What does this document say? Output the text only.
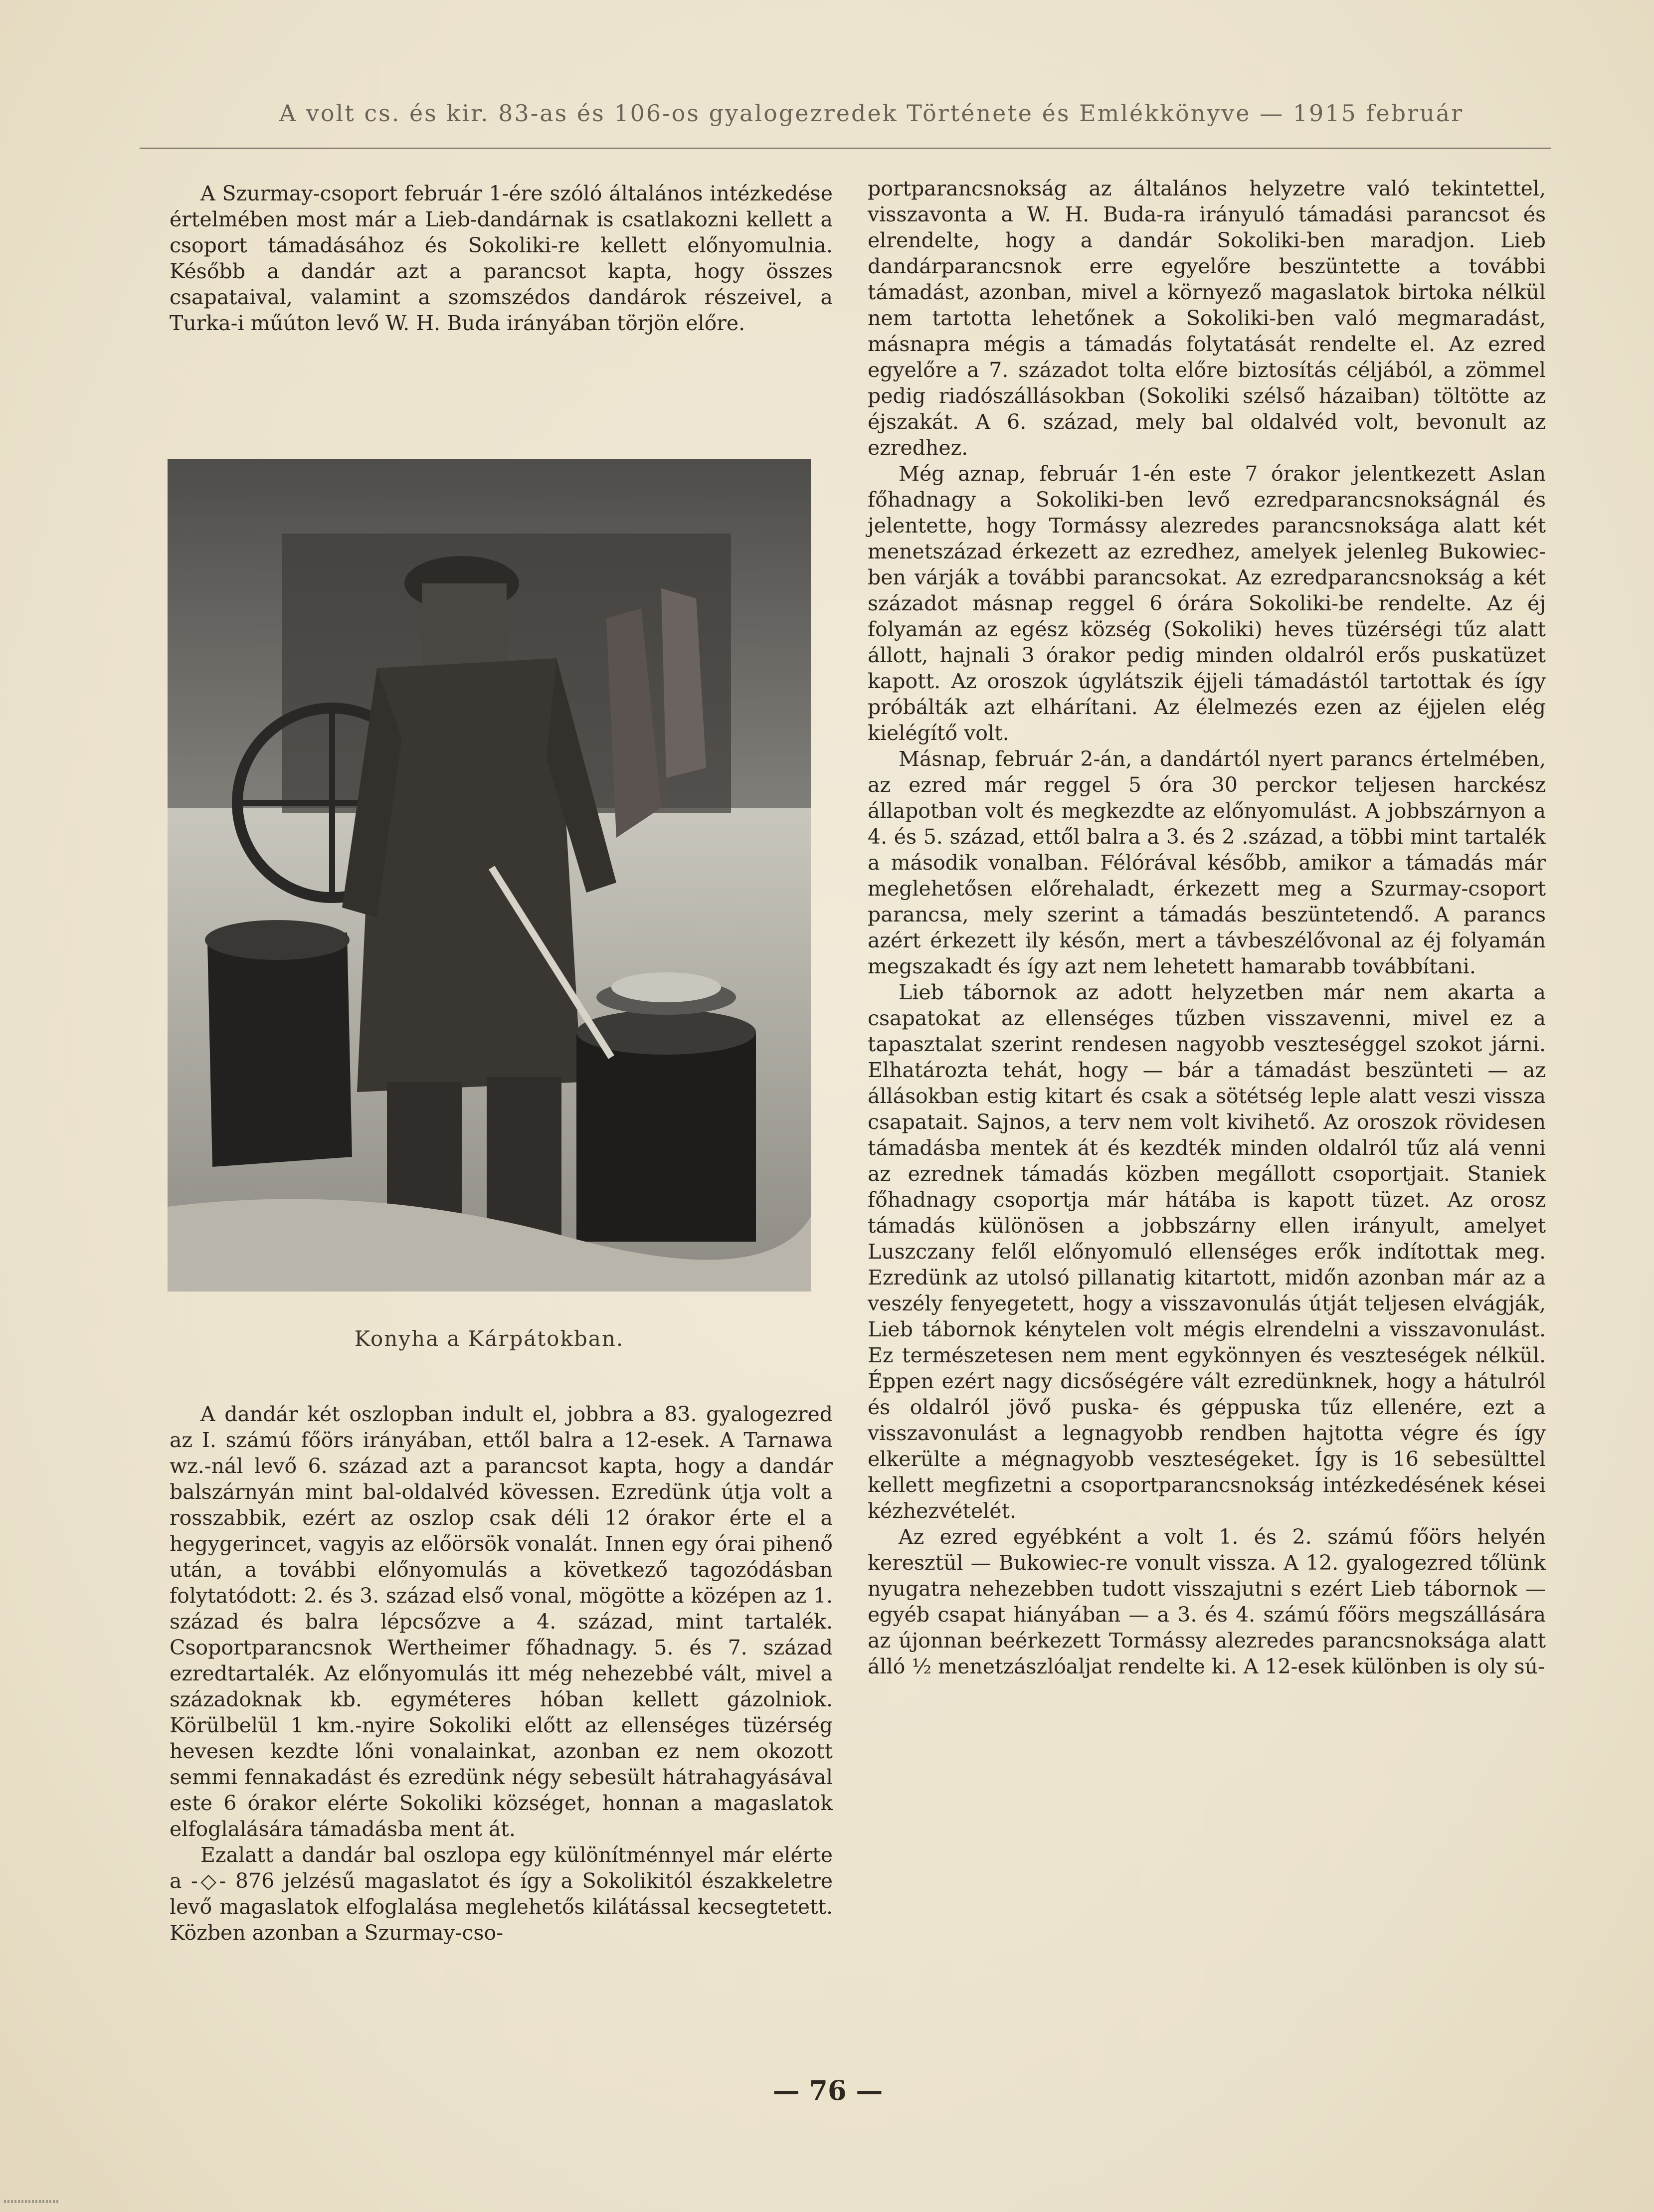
A volt cs. és kir. 83-as és 106-os gyalogezredek Története és Emlékkönyve — 1915 február

A Szurmay-csoport február 1-ére szóló általános intézkedése értelmében most már a Lieb-dandárnak is csatlakozni kellett a csoport támadásához és Sokoliki-re kellett előnyomulnia. Később a dandár azt a parancsot kapta, hogy összes csapataival, valamint a szomszédos dandárok részeivel, a Turka-i műúton levő W. H. Buda irányában törjön előre.

Konyha a Kárpátokban.

A dandár két oszlopban indult el, jobbra a 83. gyalogezred az I. számú főörs irányában, ettől balra a 12-esek. A Tarnawa wz.-nál levő 6. század azt a parancsot kapta, hogy a dandár balszárnyán mint bal-oldalvéd kövessen. Ezredünk útja volt a rosszabbik, ezért az oszlop csak déli 12 órakor érte el a hegygerincet, vagyis az előörsök vonalát. Innen egy órai pihenő után, a további előnyomulás a következő tagozódásban folytatódott: 2. és 3. század első vonal, mögötte a középen az 1. század és balra lépcsőzve a 4. század, mint tartalék. Csoportparancsnok Wertheimer főhadnagy. 5. és 7. század ezredtartalék. Az előnyomulás itt még nehezebbé vált, mivel a századoknak kb. egyméteres hóban kellett gázolniok. Körülbelül 1 km.-nyire Sokoliki előtt az ellenséges tüzérség hevesen kezdte lőni vonalainkat, azonban ez nem okozott semmi fennakadást és ezredünk négy sebesült hátrahagyásával este 6 órakor elérte Sokoliki községet, honnan a magaslatok elfoglalására támadásba ment át.

Ezalatt a dandár bal oszlopa egy különítménnyel már elérte a -◇- 876 jelzésű magaslatot és így a Sokolikitól északkeletre levő magaslatok elfoglalása meglehetős kilátással kecsegtetett. Közben azonban a Szurmay-cso-

portparancsnokság az általános helyzetre való tekintettel, visszavonta a W. H. Buda-ra irányuló támadási parancsot és elrendelte, hogy a dandár Sokoliki-ben maradjon. Lieb dandárparancsnok erre egyelőre beszüntette a további támadást, azonban, mivel a környező magaslatok birtoka nélkül nem tartotta lehetőnek a Sokoliki-ben való megmaradást, másnapra mégis a támadás folytatását rendelte el. Az ezred egyelőre a 7. századot tolta előre biztosítás céljából, a zömmel pedig riadószállásokban (Sokoliki szélső házaiban) töltötte az éjszakát. A 6. század, mely bal oldalvéd volt, bevonult az ezredhez.

Még aznap, február 1-én este 7 órakor jelentkezett Aslan főhadnagy a Sokoliki-ben levő ezredparancsnokságnál és jelentette, hogy Tormássy alezredes parancsnoksága alatt két menetszázad érkezett az ezredhez, amelyek jelenleg Bukowiec-ben várják a további parancsokat. Az ezredparancsnokság a két századot másnap reggel 6 órára Sokoliki-be rendelte. Az éj folyamán az egész község (Sokoliki) heves tüzérségi tűz alatt állott, hajnali 3 órakor pedig minden oldalról erős puskatüzet kapott. Az oroszok úgylátszik éjjeli támadástól tartottak és így próbálták azt elhárítani. Az élelmezés ezen az éjjelen elég kielégítő volt.

Másnap, február 2-án, a dandártól nyert parancs értelmében, az ezred már reggel 5 óra 30 perckor teljesen harckész állapotban volt és megkezdte az előnyomulást. A jobbszárnyon a 4. és 5. század, ettől balra a 3. és 2 .század, a többi mint tartalék a második vonalban. Félórával később, amikor a támadás már meglehetősen előrehaladt, érkezett meg a Szurmay-csoport parancsa, mely szerint a támadás beszüntetendő. A parancs azért érkezett ily későn, mert a távbeszélővonal az éj folyamán megszakadt és így azt nem lehetett hamarabb továbbítani.

Lieb tábornok az adott helyzetben már nem akarta a csapatokat az ellenséges tűzben visszavenni, mivel ez a tapasztalat szerint rendesen nagyobb veszteséggel szokot járni. Elhatározta tehát, hogy — bár a támadást beszünteti — az állásokban estig kitart és csak a sötétség leple alatt veszi vissza csapatait. Sajnos, a terv nem volt kivihető. Az oroszok rövidesen támadásba mentek át és kezdték minden oldalról tűz alá venni az ezrednek támadás közben megállott csoportjait. Staniek főhadnagy csoportja már hátába is kapott tüzet. Az orosz támadás különösen a jobbszárny ellen irányult, amelyet Luszczany felől előnyomuló ellenséges erők indítottak meg. Ezredünk az utolsó pillanatig kitartott, midőn azonban már az a veszély fenyegetett, hogy a visszavonulás útját teljesen elvágják, Lieb tábornok kénytelen volt mégis elrendelni a visszavonulást. Ez természetesen nem ment egykönnyen és veszteségek nélkül. Éppen ezért nagy dicsőségére vált ezredünknek, hogy a hátulról és oldalról jövő puska- és géppuska tűz ellenére, ezt a visszavonulást a legnagyobb rendben hajtotta végre és így elkerülte a mégnagyobb veszteségeket. Így is 16 sebesülttel kellett megfizetni a csoportparancsnokság intézkedésének kései kézhezvételét.

Az ezred egyébként a volt 1. és 2. számú főörs helyén keresztül — Bukowiec-re vonult vissza. A 12. gyalogezred tőlünk nyugatra nehezebben tudott visszajutni s ezért Lieb tábornok — egyéb csapat hiányában — a 3. és 4. számú főörs megszállására az újonnan beérkezett Tormássy alezredes parancsnoksága alatt álló ½ menetzászlóaljat rendelte ki. A 12-esek különben is oly sú-

— 76 —
